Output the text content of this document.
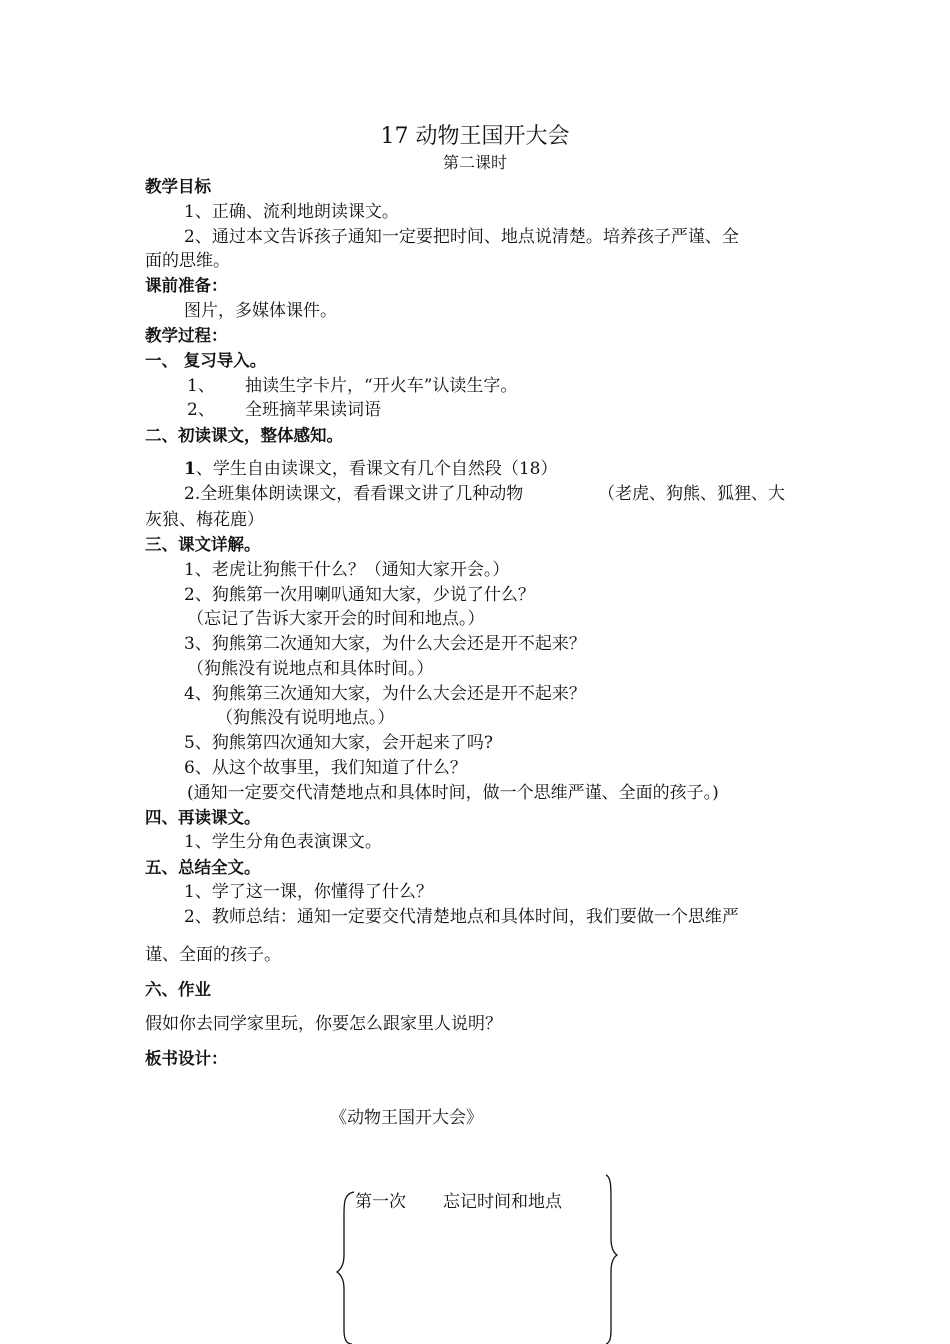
17 动物王国开大会
第二课时
教学目标
1、正确、流利地朗读课文。
2、通过本文告诉孩子通知一定要把时间、地点说清楚。培养孩子严谨、全
面的思维。
课前准备：
图片，多媒体课件。
教学过程：
一、 复习导入。
1、 抽读生字卡片，“开火车”认读生字。
2、 全班摘苹果读词语
二、初读课文，整体感知。
1、学生自由读课文，看课文有几个自然段（18）
2.全班集体朗读课文，看看课文讲了几种动物	（老虎、狗熊、狐狸、大
灰狼、梅花鹿）
三、课文详解。
1、老虎让狗熊干什么？（通知大家开会。）
2、狗熊第一次用喇叭通知大家，少说了什么？
（忘记了告诉大家开会的时间和地点。）
3、狗熊第二次通知大家，为什么大会还是开不起来？
（狗熊没有说地点和具体时间。）
4、狗熊第三次通知大家，为什么大会还是开不起来？
（狗熊没有说明地点。）
5、狗熊第四次通知大家，会开起来了吗?
6、从这个故事里，我们知道了什么？
(通知一定要交代清楚地点和具体时间，做一个思维严谨、全面的孩子。)
四、再读课文。
1、学生分角色表演课文。
五、总结全文。
1、学了这一课，你懂得了什么？
2、教师总结：通知一定要交代清楚地点和具体时间，我们要做一个思维严
谨、全面的孩子。
六、作业
假如你去同学家里玩，你要怎么跟家里人说明？
板书设计：
《动物王国开大会》
第一次 忘记时间和地点
